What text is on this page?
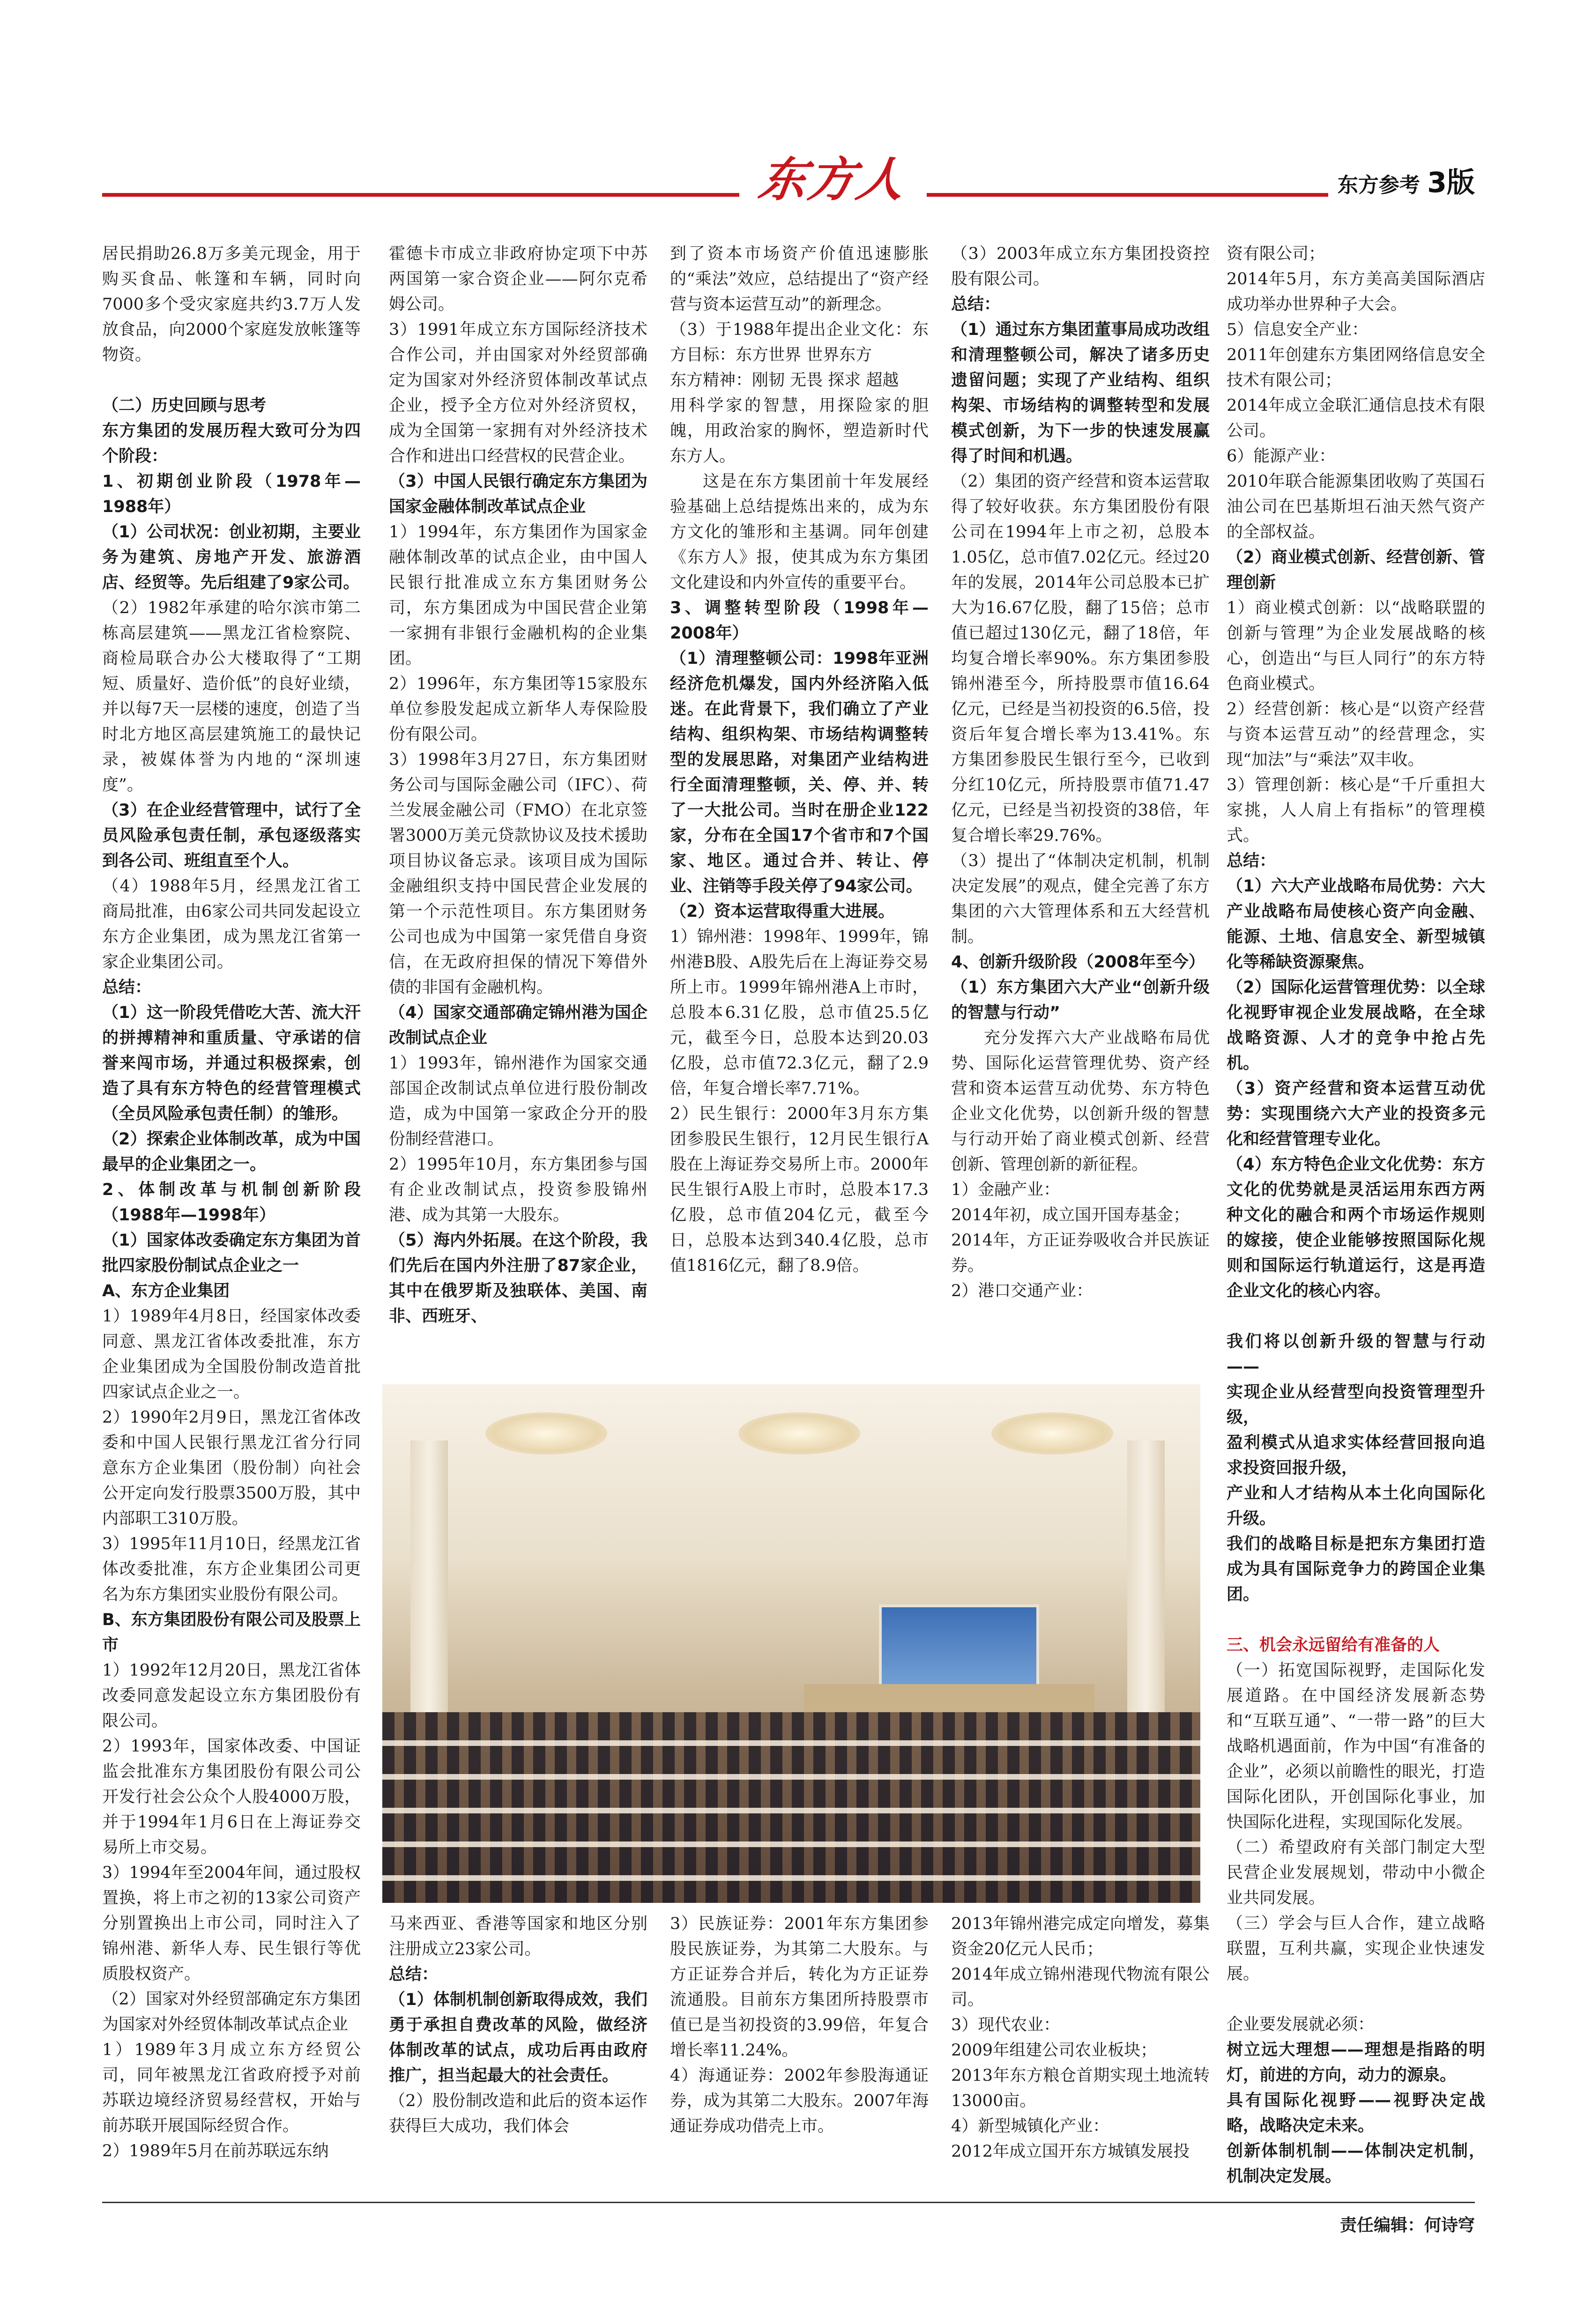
东方人	东方参考 3版

居民捐助26.8万多美元现金，用于购买食品、帐篷和车辆，同时向7000多个受灾家庭共约3.7万人发放食品，向2000个家庭发放帐篷等物资。

（二）历史回顾与思考

东方集团的发展历程大致可分为四个阶段：

1、初期创业阶段（1978年—1988年）

（1）公司状况：创业初期，主要业务为建筑、房地产开发、旅游酒店、经贸等。先后组建了9家公司。

（2）1982年承建的哈尔滨市第二栋高层建筑——黑龙江省检察院、商检局联合办公大楼取得了“工期短、质量好、造价低”的良好业绩，并以每7天一层楼的速度，创造了当时北方地区高层建筑施工的最快记录，被媒体誉为内地的“深圳速度”。

（3）在企业经营管理中，试行了全员风险承包责任制，承包逐级落实到各公司、班组直至个人。

（4）1988年5月，经黑龙江省工商局批准，由6家公司共同发起设立东方企业集团，成为黑龙江省第一家企业集团公司。

总结：

（1）这一阶段凭借吃大苦、流大汗的拼搏精神和重质量、守承诺的信誉来闯市场，并通过积极探索，创造了具有东方特色的经营管理模式（全员风险承包责任制）的雏形。

（2）探索企业体制改革，成为中国最早的企业集团之一。

2、体制改革与机制创新阶段（1988年—1998年）

（1）国家体改委确定东方集团为首批四家股份制试点企业之一

A、东方企业集团

1）1989年4月8日，经国家体改委同意、黑龙江省体改委批准，东方企业集团成为全国股份制改造首批四家试点企业之一。

2）1990年2月9日，黑龙江省体改委和中国人民银行黑龙江省分行同意东方企业集团（股份制）向社会公开定向发行股票3500万股，其中内部职工310万股。

3）1995年11月10日，经黑龙江省体改委批准，东方企业集团公司更名为东方集团实业股份有限公司。

B、东方集团股份有限公司及股票上市

1）1992年12月20日，黑龙江省体改委同意发起设立东方集团股份有限公司。

2）1993年，国家体改委、中国证监会批准东方集团股份有限公司公开发行社会公众个人股4000万股，并于1994年1月6日在上海证券交易所上市交易。

3）1994年至2004年间，通过股权置换，将上市之初的13家公司资产分别置换出上市公司，同时注入了锦州港、新华人寿、民生银行等优质股权资产。

（2）国家对外经贸部确定东方集团为国家对外经贸体制改革试点企业

1）1989年3月成立东方经贸公司，同年被黑龙江省政府授予对前苏联边境经济贸易经营权，开始与前苏联开展国际经贸合作。

2）1989年5月在前苏联远东纳

霍德卡市成立非政府协定项下中苏两国第一家合资企业——阿尔克希姆公司。

3）1991年成立东方国际经济技术合作公司，并由国家对外经贸部确定为国家对外经济贸体制改革试点企业，授予全方位对外经济贸权，成为全国第一家拥有对外经济技术合作和进出口经营权的民营企业。

（3）中国人民银行确定东方集团为国家金融体制改革试点企业

1）1994年，东方集团作为国家金融体制改革的试点企业，由中国人民银行批准成立东方集团财务公司，东方集团成为中国民营企业第一家拥有非银行金融机构的企业集团。

2）1996年，东方集团等15家股东单位参股发起成立新华人寿保险股份有限公司。

3）1998年3月27日，东方集团财务公司与国际金融公司（IFC）、荷兰发展金融公司（FMO）在北京签署3000万美元贷款协议及技术援助项目协议备忘录。该项目成为国际金融组织支持中国民营企业发展的第一个示范性项目。东方集团财务公司也成为中国第一家凭借自身资信，在无政府担保的情况下筹借外债的非国有金融机构。

（4）国家交通部确定锦州港为国企改制试点企业

1）1993年，锦州港作为国家交通部国企改制试点单位进行股份制改造，成为中国第一家政企分开的股份制经营港口。

2）1995年10月，东方集团参与国有企业改制试点，投资参股锦州港、成为其第一大股东。

（5）海内外拓展。在这个阶段，我们先后在国内外注册了87家企业，其中在俄罗斯及独联体、美国、南非、西班牙、

马来西亚、香港等国家和地区分别注册成立23家公司。

总结：

（1）体制机制创新取得成效，我们勇于承担自费改革的风险，做经济体制改革的试点，成功后再由政府推广，担当起最大的社会责任。

（2）股份制改造和此后的资本运作获得巨大成功，我们体会

到了资本市场资产价值迅速膨胀的“乘法”效应，总结提出了“资产经营与资本运营互动”的新理念。

（3）于1988年提出企业文化：东方目标：东方世界 世界东方

东方精神：刚韧 无畏 探求 超越

用科学家的智慧，用探险家的胆魄，用政治家的胸怀，塑造新时代东方人。

这是在东方集团前十年发展经验基础上总结提炼出来的，成为东方文化的雏形和主基调。同年创建《东方人》报，使其成为东方集团文化建设和内外宣传的重要平台。

3、调整转型阶段（1998年—2008年）

（1）清理整顿公司：1998年亚洲经济危机爆发，国内外经济陷入低迷。在此背景下，我们确立了产业结构、组织构架、市场结构调整转型的发展思路，对集团产业结构进行全面清理整顿，关、停、并、转了一大批公司。当时在册企业122家，分布在全国17个省市和7个国家、地区。通过合并、转让、停业、注销等手段关停了94家公司。

（2）资本运营取得重大进展。

1）锦州港：1998年、1999年，锦州港B股、A股先后在上海证券交易所上市。1999年锦州港A上市时，总股本6.31亿股，总市值25.5亿元，截至今日，总股本达到20.03亿股，总市值72.3亿元，翻了2.9倍，年复合增长率7.71%。

2）民生银行：2000年3月东方集团参股民生银行，12月民生银行A股在上海证券交易所上市。2000年民生银行A股上市时，总股本17.3亿股，总市值204亿元，截至今日，总股本达到340.4亿股，总市值1816亿元，翻了8.9倍。

3）民族证券：2001年东方集团参股民族证券，为其第二大股东。与方正证券合并后，转化为方正证券流通股。目前东方集团所持股票市值已是当初投资的3.99倍，年复合增长率11.24%。

4）海通证券：2002年参股海通证券，成为其第二大股东。2007年海通证券成功借壳上市。

（3）2003年成立东方集团投资控股有限公司。

总结：

（1）通过东方集团董事局成功改组和清理整顿公司，解决了诸多历史遗留问题；实现了产业结构、组织构架、市场结构的调整转型和发展模式创新，为下一步的快速发展赢得了时间和机遇。

（2）集团的资产经营和资本运营取得了较好收获。东方集团股份有限公司在1994年上市之初，总股本1.05亿，总市值7.02亿元。经过20年的发展，2014年公司总股本已扩大为16.67亿股，翻了15倍；总市值已超过130亿元，翻了18倍，年均复合增长率90%。东方集团参股锦州港至今，所持股票市值16.64亿元，已经是当初投资的6.5倍，投资后年复合增长率为13.41%。东方集团参股民生银行至今，已收到分红10亿元，所持股票市值71.47亿元，已经是当初投资的38倍，年复合增长率29.76%。

（3）提出了“体制决定机制，机制决定发展”的观点，健全完善了东方集团的六大管理体系和五大经营机制。

4、创新升级阶段（2008年至今）

（1）东方集团六大产业“创新升级的智慧与行动”

充分发挥六大产业战略布局优势、国际化运营管理优势、资产经营和资本运营互动优势、东方特色企业文化优势，以创新升级的智慧与行动开始了商业模式创新、经营创新、管理创新的新征程。

1）金融产业：

2014年初，成立国开国寿基金；

2014年，方正证券吸收合并民族证券。

2）港口交通产业：

2013年锦州港完成定向增发，募集资金20亿元人民币；

2014年成立锦州港现代物流有限公司。

3）现代农业：

2009年组建公司农业板块；

2013年东方粮仓首期实现土地流转13000亩。

4）新型城镇化产业：

2012年成立国开东方城镇发展投

资有限公司；

2014年5月，东方美高美国际酒店成功举办世界种子大会。

5）信息安全产业：

2011年创建东方集团网络信息安全技术有限公司；

2014年成立金联汇通信息技术有限公司。

6）能源产业：

2010年联合能源集团收购了英国石油公司在巴基斯坦石油天然气资产的全部权益。

（2）商业模式创新、经营创新、管理创新

1）商业模式创新：以“战略联盟的创新与管理”为企业发展战略的核心，创造出“与巨人同行”的东方特色商业模式。

2）经营创新：核心是“以资产经营与资本运营互动”的经营理念，实现“加法”与“乘法”双丰收。

3）管理创新：核心是“千斤重担大家挑，人人肩上有指标”的管理模式。

总结：

（1）六大产业战略布局优势：六大产业战略布局使核心资产向金融、能源、土地、信息安全、新型城镇化等稀缺资源聚焦。

（2）国际化运营管理优势：以全球化视野审视企业发展战略，在全球战略资源、人才的竞争中抢占先机。

（3）资产经营和资本运营互动优势：实现围绕六大产业的投资多元化和经营管理专业化。

（4）东方特色企业文化优势：东方文化的优势就是灵活运用东西方两种文化的融合和两个市场运作规则的嫁接，使企业能够按照国际化规则和国际运行轨道运行，这是再造企业文化的核心内容。

我们将以创新升级的智慧与行动——

实现企业从经营型向投资管理型升级，

盈利模式从追求实体经营回报向追求投资回报升级，

产业和人才结构从本土化向国际化升级。

我们的战略目标是把东方集团打造成为具有国际竞争力的跨国企业集团。

三、机会永远留给有准备的人

（一）拓宽国际视野，走国际化发展道路。在中国经济发展新态势和“互联互通”、“一带一路”的巨大战略机遇面前，作为中国“有准备的企业”，必须以前瞻性的眼光，打造国际化团队，开创国际化事业，加快国际化进程，实现国际化发展。

（二）希望政府有关部门制定大型民营企业发展规划，带动中小微企业共同发展。

（三）学会与巨人合作，建立战略联盟，互利共赢，实现企业快速发展。

企业要发展就必须：

树立远大理想——理想是指路的明灯，前进的方向，动力的源泉。

具有国际化视野——视野决定战略，战略决定未来。

创新体制机制——体制决定机制，机制决定发展。

责任编辑：何诗穹
